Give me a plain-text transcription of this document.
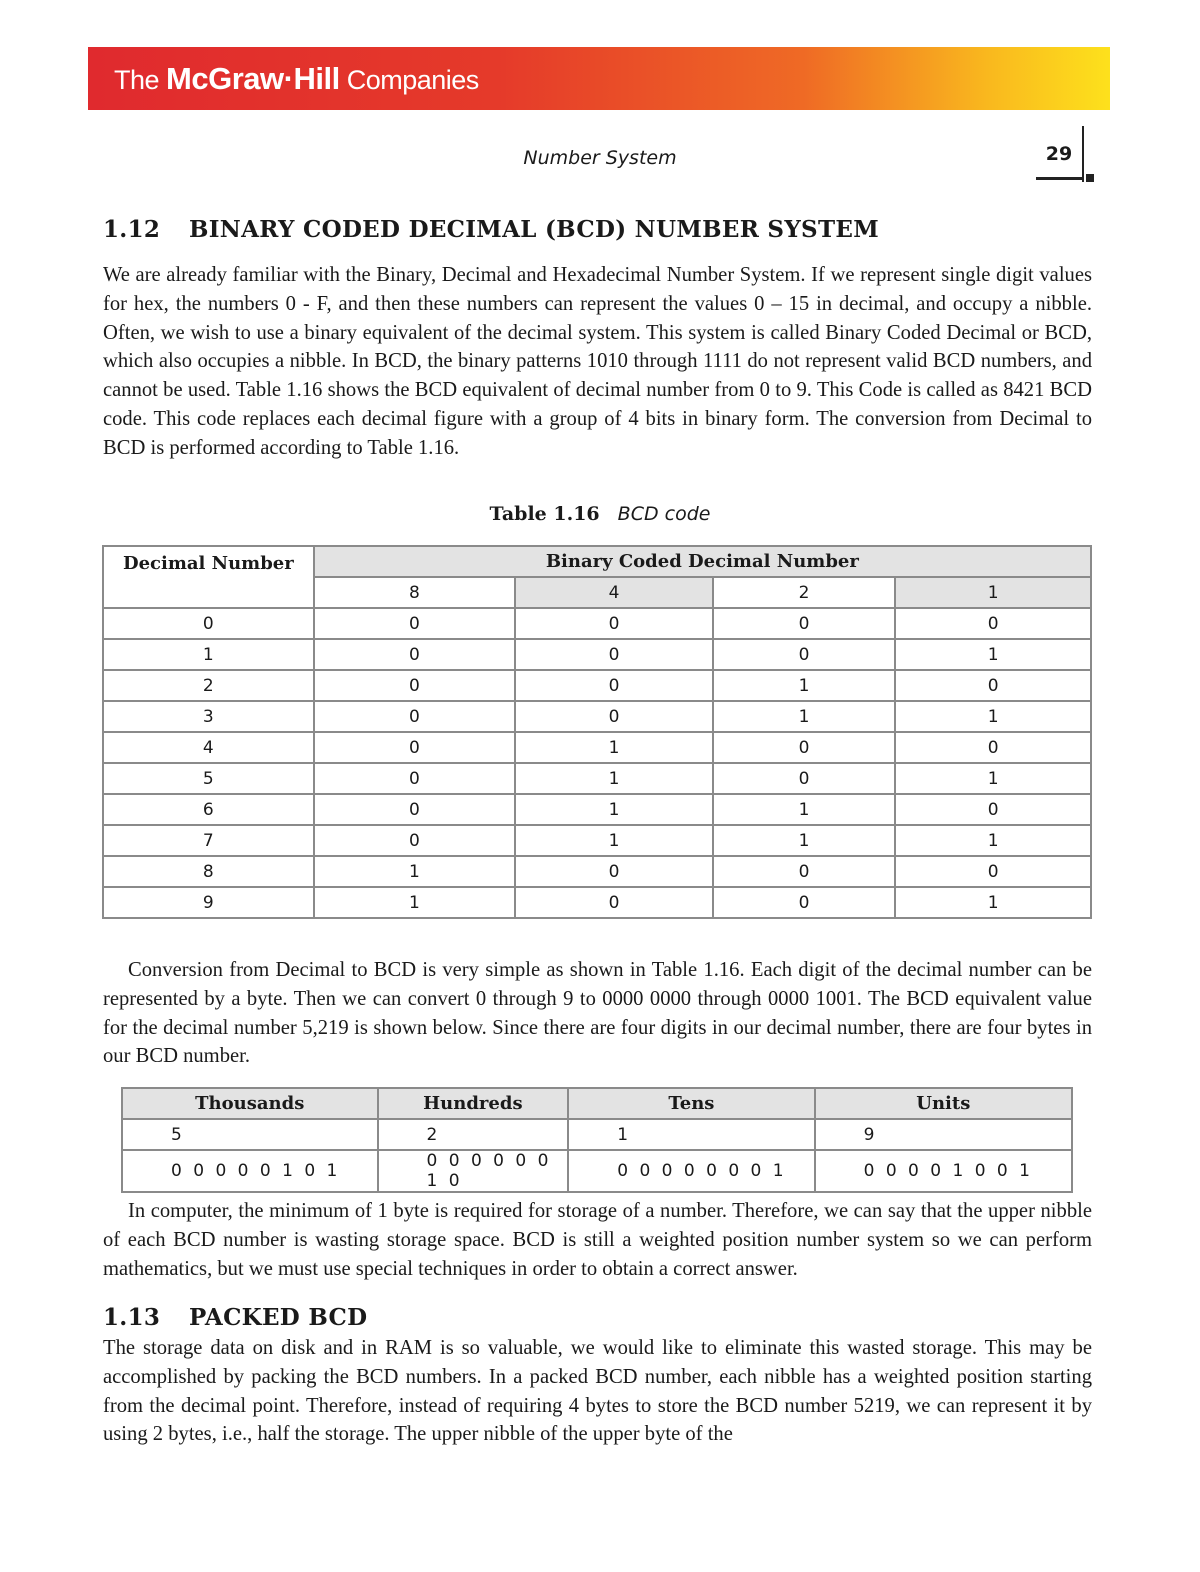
The McGraw·Hill Companies
Number System	29
1.12 BINARY CODED DECIMAL (BCD) NUMBER SYSTEM

We are already familiar with the Binary, Decimal and Hexadecimal Number System. If we represent single digit values for hex, the numbers 0 - F, and then these numbers can represent the values 0 – 15 in decimal, and occupy a nibble. Often, we wish to use a binary equivalent of the decimal system. This system is called Binary Coded Decimal or BCD, which also occupies a nibble. In BCD, the binary patterns 1010 through 1111 do not represent valid BCD numbers, and cannot be used. Table 1.16 shows the BCD equivalent of decimal number from 0 to 9. This Code is called as 8421 BCD code. This code replaces each decimal figure with a group of 4 bits in binary form. The conversion from Decimal to BCD is performed according to Table 1.16.

Table 1.16 BCD code
Decimal Number	Binary Coded Decimal Number			
	8	4	2	1
0	0	0	0	0
1	0	0	0	1
2	0	0	1	0
3	0	0	1	1
4	0	1	0	0
5	0	1	0	1
6	0	1	1	0
7	0	1	1	1
8	1	0	0	0
9	1	0	0	1

Conversion from Decimal to BCD is very simple as shown in Table 1.16. Each digit of the decimal number can be represented by a byte. Then we can convert 0 through 9 to 0000 0000 through 0000 1001. The BCD equivalent value for the decimal number 5,219 is shown below. Since there are four digits in our decimal number, there are four bytes in our BCD number.

Thousands	Hundreds	Tens	Units
5	2	1	9
0 0 0 0 0 1 0 1	0 0 0 0 0 0 1 0	0 0 0 0 0 0 0 1	0 0 0 0 1 0 0 1

In computer, the minimum of 1 byte is required for storage of a number. Therefore, we can say that the upper nibble of each BCD number is wasting storage space. BCD is still a weighted position number system so we can perform mathematics, but we must use special techniques in order to obtain a correct answer.

1.13 PACKED BCD

The storage data on disk and in RAM is so valuable, we would like to eliminate this wasted storage. This may be accomplished by packing the BCD numbers. In a packed BCD number, each nibble has a weighted position starting from the decimal point. Therefore, instead of requiring 4 bytes to store the BCD number 5219, we can represent it by using 2 bytes, i.e., half the storage. The upper nibble of the upper byte of the
